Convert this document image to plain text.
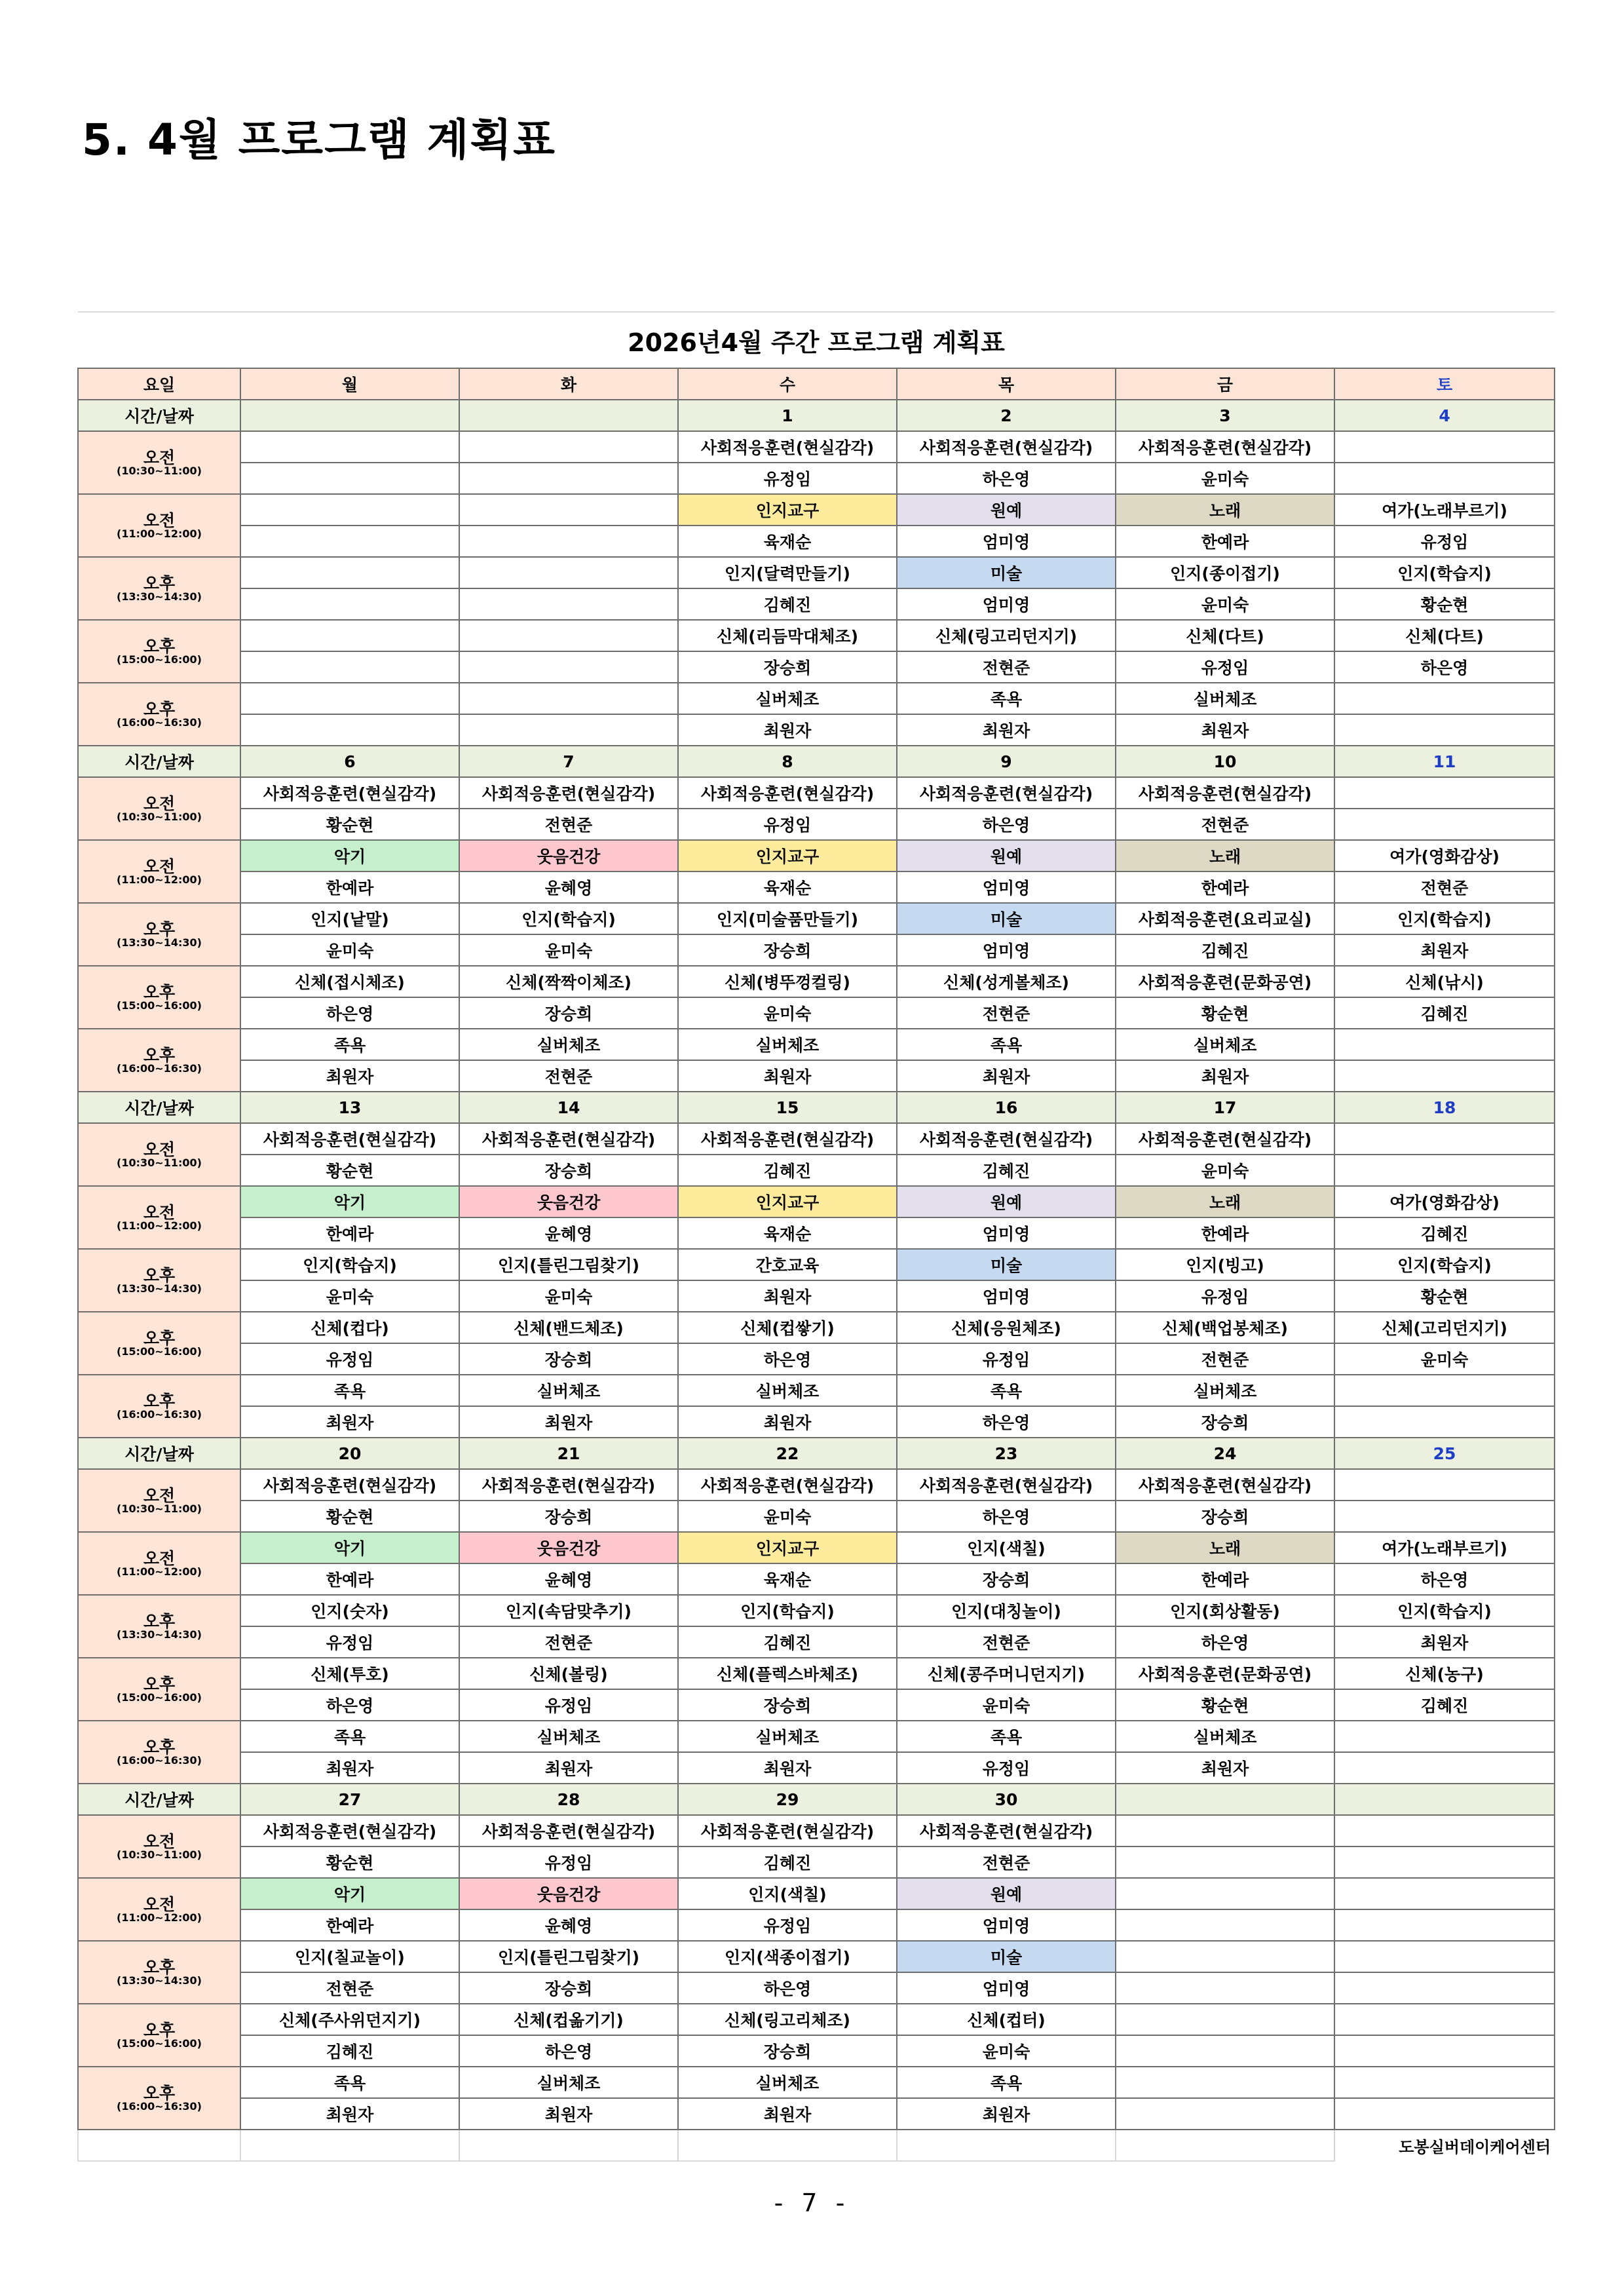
5. 4월 프로그램 계획표
2026년4월 주간 프로그램 계획표						
요일	월	화	수	목	금	토
시간/날짜			1	2	3	4

오전
(10:30~11:00)			사회적응훈련(현실감각)	사회적응훈련(현실감각)	사회적응훈련(현실감각)	
			유정임	하은영	윤미숙	

오전
(11:00~12:00)			인지교구	원예	노래	여가(노래부르기)
			육재순	엄미영	한예라	유정임

오후
(13:30~14:30)			인지(달력만들기)	미술	인지(종이접기)	인지(학습지)
			김혜진	엄미영	윤미숙	황순현

오후
(15:00~16:00)			신체(리듬막대체조)	신체(링고리던지기)	신체(다트)	신체(다트)
			장승희	전현준	유정임	하은영

오후
(16:00~16:30)			실버체조	족욕	실버체조	
			최원자	최원자	최원자	
시간/날짜	6	7	8	9	10	11

오전
(10:30~11:00)	사회적응훈련(현실감각)	사회적응훈련(현실감각)	사회적응훈련(현실감각)	사회적응훈련(현실감각)	사회적응훈련(현실감각)	
	황순현	전현준	유정임	하은영	전현준	

오전
(11:00~12:00)	악기	웃음건강	인지교구	원예	노래	여가(영화감상)
	한예라	윤혜영	육재순	엄미영	한예라	전현준

오후
(13:30~14:30)	인지(낱말)	인지(학습지)	인지(미술품만들기)	미술	사회적응훈련(요리교실)	인지(학습지)
	윤미숙	윤미숙	장승희	엄미영	김혜진	최원자

오후
(15:00~16:00)	신체(접시체조)	신체(짝짝이체조)	신체(병뚜껑컬링)	신체(성게볼체조)	사회적응훈련(문화공연)	신체(낚시)
	하은영	장승희	윤미숙	전현준	황순현	김혜진

오후
(16:00~16:30)	족욕	실버체조	실버체조	족욕	실버체조	
	최원자	전현준	최원자	최원자	최원자	
시간/날짜	13	14	15	16	17	18

오전
(10:30~11:00)	사회적응훈련(현실감각)	사회적응훈련(현실감각)	사회적응훈련(현실감각)	사회적응훈련(현실감각)	사회적응훈련(현실감각)	
	황순현	장승희	김혜진	김혜진	윤미숙	

오전
(11:00~12:00)	악기	웃음건강	인지교구	원예	노래	여가(영화감상)
	한예라	윤혜영	육재순	엄미영	한예라	김혜진

오후
(13:30~14:30)	인지(학습지)	인지(틀린그림찾기)	간호교육	미술	인지(빙고)	인지(학습지)
	윤미숙	윤미숙	최원자	엄미영	유정임	황순현

오후
(15:00~16:00)	신체(컵다)	신체(밴드체조)	신체(컵쌓기)	신체(응원체조)	신체(백업봉체조)	신체(고리던지기)
	유정임	장승희	하은영	유정임	전현준	윤미숙

오후
(16:00~16:30)	족욕	실버체조	실버체조	족욕	실버체조	
	최원자	최원자	최원자	하은영	장승희	
시간/날짜	20	21	22	23	24	25

오전
(10:30~11:00)	사회적응훈련(현실감각)	사회적응훈련(현실감각)	사회적응훈련(현실감각)	사회적응훈련(현실감각)	사회적응훈련(현실감각)	
	황순현	장승희	윤미숙	하은영	장승희	

오전
(11:00~12:00)	악기	웃음건강	인지교구	인지(색칠)	노래	여가(노래부르기)
	한예라	윤혜영	육재순	장승희	한예라	하은영

오후
(13:30~14:30)	인지(숫자)	인지(속담맞추기)	인지(학습지)	인지(대칭놀이)	인지(회상활동)	인지(학습지)
	유정임	전현준	김혜진	전현준	하은영	최원자

오후
(15:00~16:00)	신체(투호)	신체(볼링)	신체(플렉스바체조)	신체(콩주머니던지기)	사회적응훈련(문화공연)	신체(농구)
	하은영	유정임	장승희	윤미숙	황순현	김혜진

오후
(16:00~16:30)	족욕	실버체조	실버체조	족욕	실버체조	
	최원자	최원자	최원자	유정임	최원자	
시간/날짜	27	28	29	30		

오전
(10:30~11:00)	사회적응훈련(현실감각)	사회적응훈련(현실감각)	사회적응훈련(현실감각)	사회적응훈련(현실감각)		
	황순현	유정임	김혜진	전현준		

오전
(11:00~12:00)	악기	웃음건강	인지(색칠)	원예		
	한예라	윤혜영	유정임	엄미영		

오후
(13:30~14:30)	인지(칠교놀이)	인지(틀린그림찾기)	인지(색종이접기)	미술		
	전현준	장승희	하은영	엄미영		

오후
(15:00~16:00)	신체(주사위던지기)	신체(컵옮기기)	신체(링고리체조)	신체(컵터)		
	김혜진	하은영	장승희	윤미숙		

오후
(16:00~16:30)	족욕	실버체조	실버체조	족욕		
	최원자	최원자	최원자	최원자		
						도봉실버데이케어센터
- 7 -
